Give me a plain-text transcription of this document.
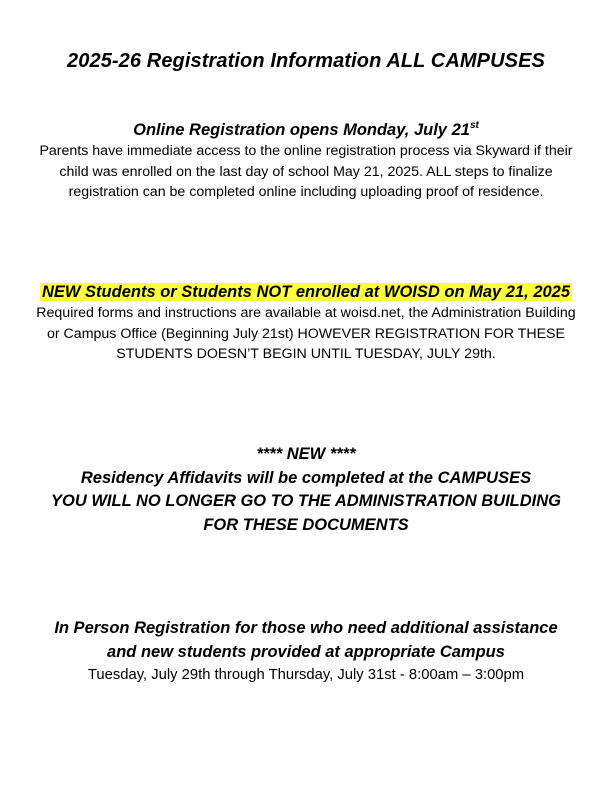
2025-26 Registration Information ALL CAMPUSES
Online Registration opens Monday, July 21st
Parents have immediate access to the online registration process via Skyward if their
child was enrolled on the last day of school May 21, 2025. ALL steps to finalize
registration can be completed online including uploading proof of residence.
NEW Students or Students NOT enrolled at WOISD on May 21, 2025
Required forms and instructions are available at woisd.net, the Administration Building
or Campus Office (Beginning July 21st) HOWEVER REGISTRATION FOR THESE
STUDENTS DOESN’T BEGIN UNTIL TUESDAY, JULY 29th.
**** NEW ****
Residency Affidavits will be completed at the CAMPUSES
YOU WILL NO LONGER GO TO THE ADMINISTRATION BUILDING
FOR THESE DOCUMENTS
In Person Registration for those who need additional assistance
and new students provided at appropriate Campus
Tuesday, July 29th through Thursday, July 31st - 8:00am – 3:00pm
